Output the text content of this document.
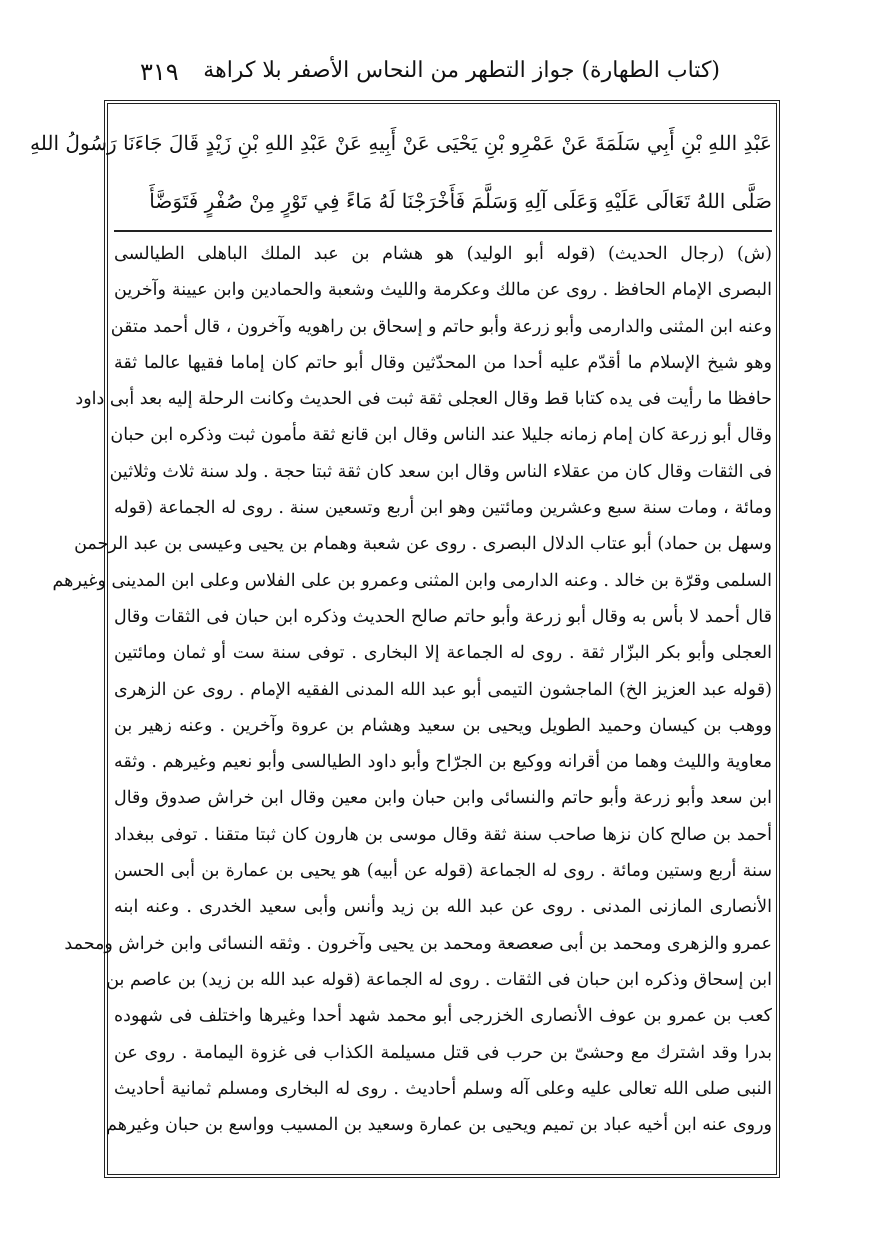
(كتاب الطهارة) جواز التطهر من النحاس الأصفر بلا كراهة
٣١٩
عَبْدِ اللهِ بْنِ أَبِي سَلَمَةَ عَنْ عَمْرِو بْنِ يَحْيَى عَنْ أَبِيهِ عَنْ عَبْدِ اللهِ بْنِ زَيْدٍ قَالَ جَاءَنَا رَسُولُ اللهِ
صَلَّى اللهُ تَعَالَى عَلَيْهِ وَعَلَى آلِهِ وَسَلَّمَ فَأَخْرَجْنَا لَهُ مَاءً فِي تَوْرٍ مِنْ صُفْرٍ فَتَوَضَّأَ
(ش) (رجال الحديث) (قوله أبو الوليد) هو هشام بن عبد الملك الباهلى الطيالسى
البصرى الإمام الحافظ . روى عن مالك وعكرمة والليث وشعبة والحمادين وابن عيينة وآخرين
وعنه ابن المثنى والدارمى وأبو زرعة وأبو حاتم و إسحاق بن راهويه وآخرون ، قال أحمد متقن
وهو شيخ الإسلام ما أقدّم عليه أحدا من المحدّثين وقال أبو حاتم كان إماما فقيها عالما ثقة
حافظا ما رأيت فى يده كتابا قط وقال العجلى ثقة ثبت فى الحديث وكانت الرحلة إليه بعد أبى داود
وقال أبو زرعة كان إمام زمانه جليلا عند الناس وقال ابن قانع ثقة مأمون ثبت وذكره ابن حبان
فى الثقات وقال كان من عقلاء الناس وقال ابن سعد كان ثقة ثبتا حجة . ولد سنة ثلاث وثلاثين
ومائة ، ومات سنة سبع وعشرين ومائتين وهو ابن أربع وتسعين سنة . روى له الجماعة (قوله
وسهل بن حماد) أبو عتاب الدلال البصرى . روى عن شعبة وهمام بن يحيى وعيسى بن عبد الرحمن
السلمى وقرّة بن خالد . وعنه الدارمى وابن المثنى وعمرو بن على الفلاس وعلى ابن المدينى وغيرهم
قال أحمد لا بأس به وقال أبو زرعة وأبو حاتم صالح الحديث وذكره ابن حبان فى الثقات وقال
العجلى وأبو بكر البزّار ثقة . روى له الجماعة إلا البخارى . توفى سنة ست أو ثمان ومائتين
(قوله عبد العزيز الخ) الماجشون التيمى أبو عبد الله المدنى الفقيه الإمام . روى عن الزهرى
ووهب بن كيسان وحميد الطويل ويحيى بن سعيد وهشام بن عروة وآخرين . وعنه زهير بن
معاوية والليث وهما من أقرانه ووكيع بن الجرّاح وأبو داود الطيالسى وأبو نعيم وغيرهم . وثقه
ابن سعد وأبو زرعة وأبو حاتم والنسائى وابن حبان وابن معين وقال ابن خراش صدوق وقال
أحمد بن صالح كان نزها صاحب سنة ثقة وقال موسى بن هارون كان ثبتا متقنا . توفى ببغداد
سنة أربع وستين ومائة . روى له الجماعة (قوله عن أبيه) هو يحيى بن عمارة بن أبى الحسن
الأنصارى المازنى المدنى . روى عن عبد الله بن زيد وأنس وأبى سعيد الخدرى . وعنه ابنه
عمرو والزهرى ومحمد بن أبى صعصعة ومحمد بن يحيى وآخرون . وثقه النسائى وابن خراش ومحمد
ابن إسحاق وذكره ابن حبان فى الثقات . روى له الجماعة (قوله عبد الله بن زيد) بن عاصم بن
كعب بن عمرو بن عوف الأنصارى الخزرجى أبو محمد شهد أحدا وغيرها واختلف فى شهوده
بدرا وقد اشترك مع وحشىّ بن حرب فى قتل مسيلمة الكذاب فى غزوة اليمامة . روى عن
النبى صلى الله تعالى عليه وعلى آله وسلم أحاديث . روى له البخارى ومسلم ثمانية أحاديث
وروى عنه ابن أخيه عباد بن تميم ويحيى بن عمارة وسعيد بن المسيب وواسع بن حبان وغيرهم
